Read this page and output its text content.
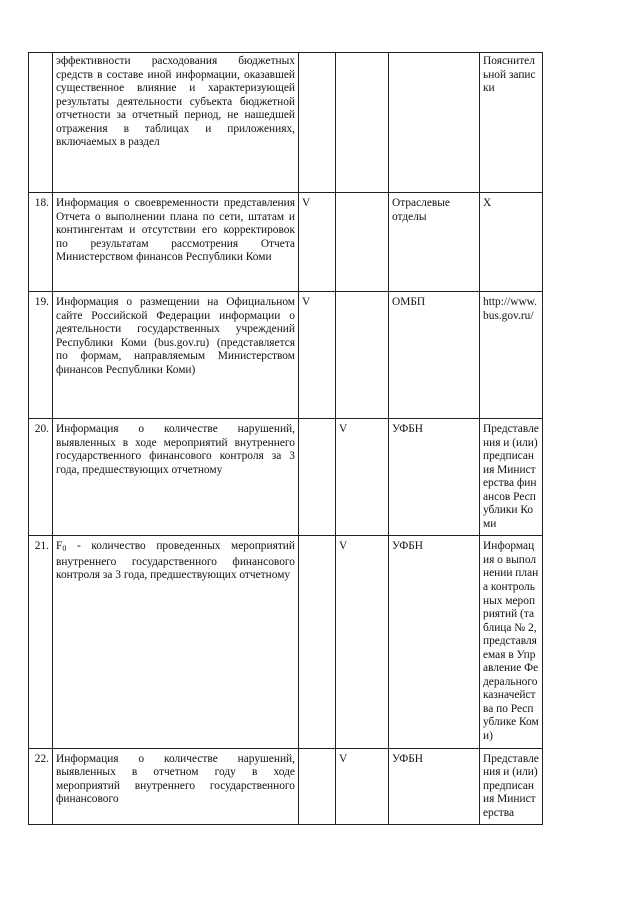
	эффективности расходования бюджетных средств в составе иной информации, оказавшей существенное влияние и характеризующей результаты деятельности субъекта бюджетной отчетности за отчетный период, не нашедшей отражения в таблицах и приложениях, включаемых в раздел				Пояснительной записки
18.	Информация о своевременности представления Отчета о выполнении плана по сети, штатам и контингентам и отсутствии его корректировок по результатам рассмотрения Отчета Министерством финансов Республики Коми	V		Отраслевые отделы	X
19.	Информация о размещении на Официальном сайте Российской Федерации информации о деятельности государственных учреждений Республики Коми (bus.gov.ru) (представляется по формам, направляемым Министерством финансов Республики Коми)	V		ОМБП	http://www.bus.gov.ru/
20.	Информация о количестве нарушений, выявленных в ходе мероприятий внутреннего государственного финансового контроля за 3 года, предшествующих отчетному		V	УФБН	Представления и (или) предписания Министерства финансов Республики Коми
21.	$F_0$ - количество проведенных мероприятий внутреннего государственного финансового контроля за 3 года, предшествующих отчетному		V	УФБН	Информация о выполнении плана контрольных мероприятий (таблица № 2, представляемая в Управление Федерального казначейства по Республике Коми)
22.	Информация о количестве нарушений, выявленных в отчетном году в ходе мероприятий внутреннего государственного финансового		V	УФБН	Представления и (или) предписания Министерства
